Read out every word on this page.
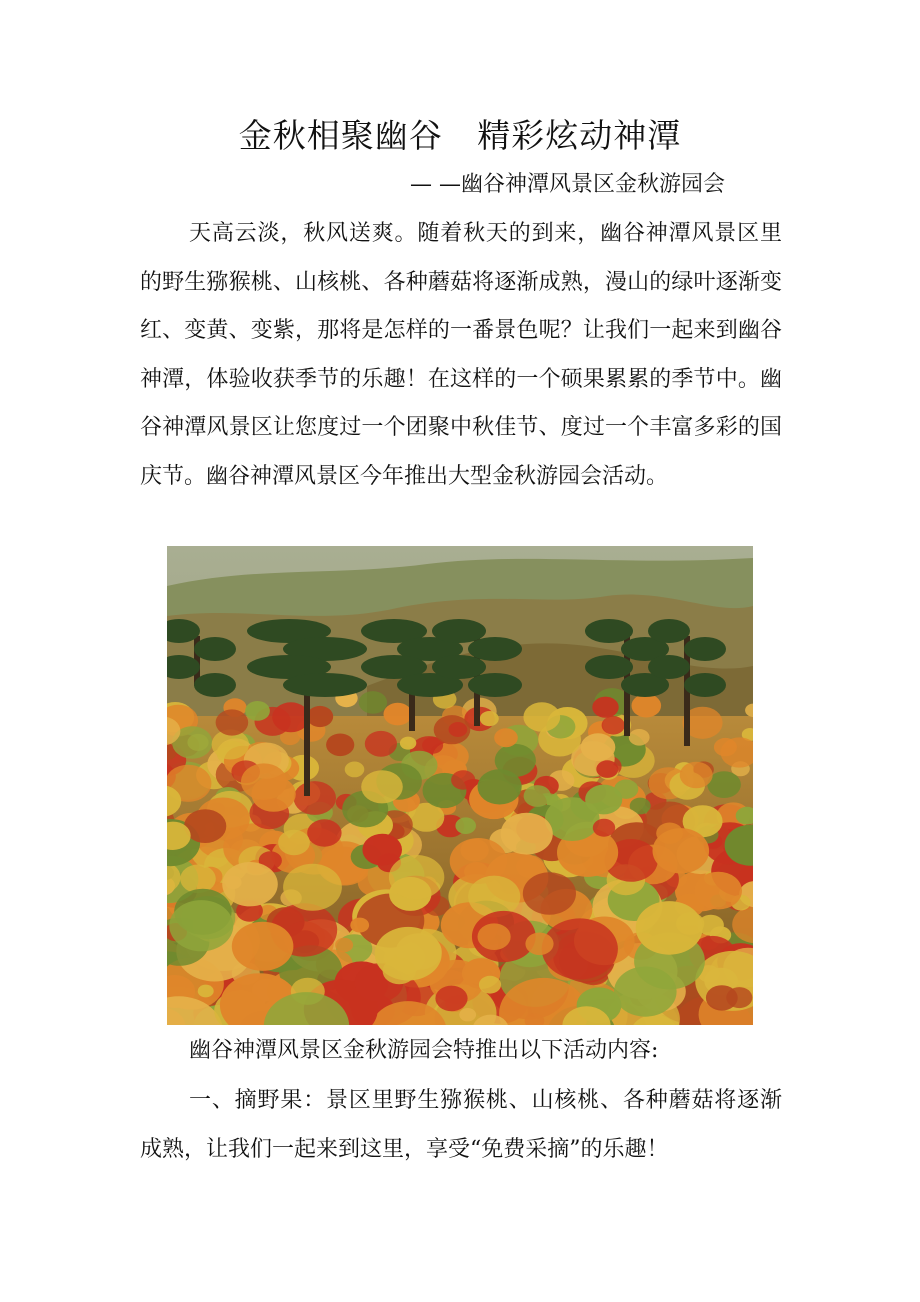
金秋相聚幽谷   精彩炫动神潭
— —幽谷神潭风景区金秋游园会

天高云淡，秋风送爽。随着秋天的到来，幽谷神潭风景区里的野生猕猴桃、山核桃、各种蘑菇将逐渐成熟，漫山的绿叶逐渐变红、变黄、变紫，那将是怎样的一番景色呢？让我们一起来到幽谷神潭，体验收获季节的乐趣！在这样的一个硕果累累的季节中。幽谷神潭风景区让您度过一个团聚中秋佳节、度过一个丰富多彩的国庆节。幽谷神潭风景区今年推出大型金秋游园会活动。

幽谷神潭风景区金秋游园会特推出以下活动内容:

一、摘野果：景区里野生猕猴桃、山核桃、各种蘑菇将逐渐成熟，让我们一起来到这里，享受“免费采摘”的乐趣！
